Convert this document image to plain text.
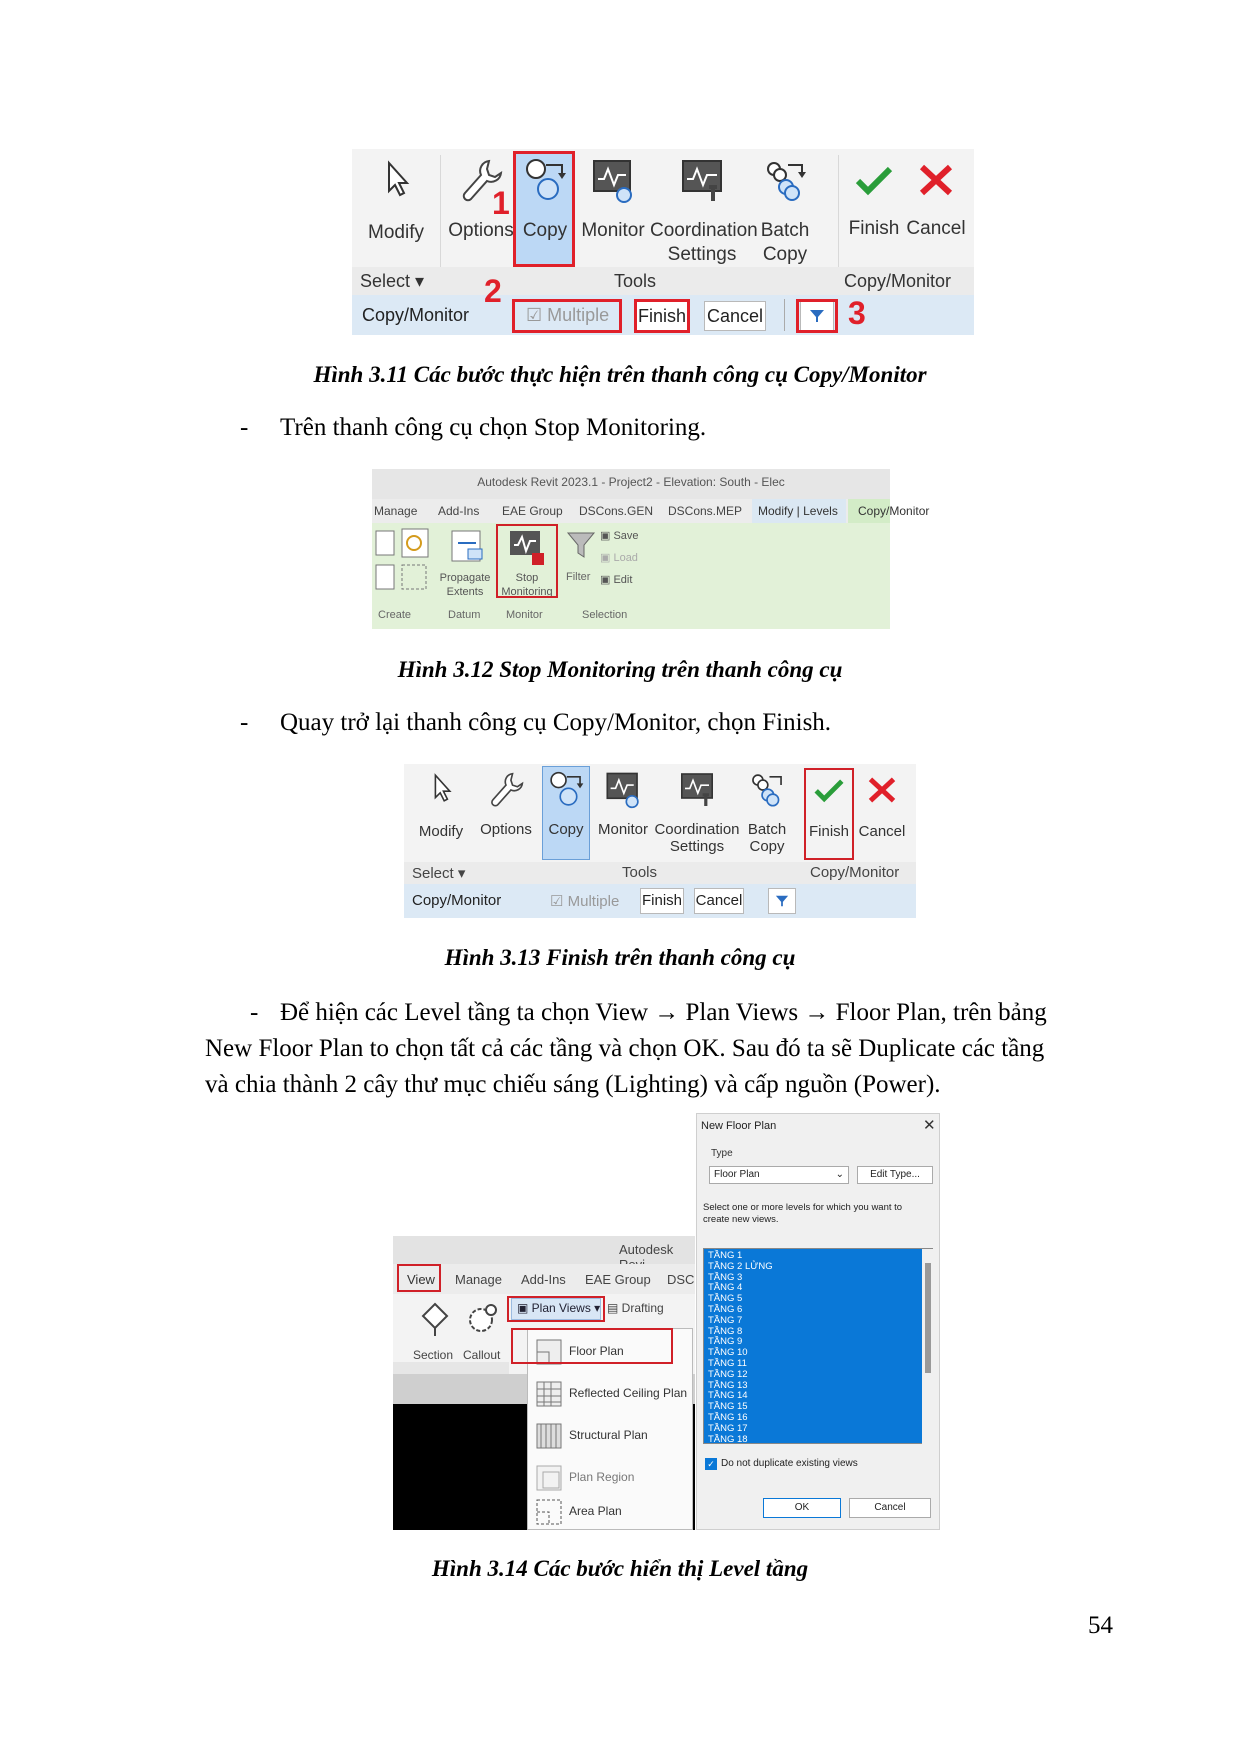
Modify	Options Copy
1
Monitor Coordination
Settings
Batch
Copy
Finish Cancel
Select ▾	Tools	Copy/Monitor
Copy/Monitor	☑ Multiple
2
Finish Cancel	3
Hình 3.11 Các bước thực hiện trên thanh công cụ Copy/Monitor
- Trên thanh công cụ chọn Stop Monitoring.
Autodesk Revit 2023.1 - Project2 - Elevation: South - Elec
Manage Add-Ins EAE Group DSCons.GEN DSCons.MEP Modify | Levels Copy/Monitor
Create
Propagate
Extents
Datum
Stop
Monitoring
Monitor
Filter
▣ Save
▣ Load
▣ Edit
Selection
Hình 3.12 Stop Monitoring trên thanh công cụ
- Quay trở lại thanh công cụ Copy/Monitor, chọn Finish.
Modify	Options	Copy Monitor Coordination
Settings
Batch
Copy
Finish Cancel
Select ▾	Tools	Copy/Monitor
Copy/Monitor	☑ Multiple Finish Cancel
Hình 3.13 Finish trên thanh công cụ
- Để hiện các Level tầng ta chọn View → Plan Views → Floor Plan, trên bảng
New Floor Plan to chọn tất cả các tầng và chọn OK. Sau đó ta sẽ Duplicate các tầng
và chia thành 2 cây thư mục chiếu sáng (Lighting) và cấp nguồn (Power).
Autodesk
View Manage Add-Ins EAE Group DSC
Section Callout
▣ Plan Views ▾ ▤ Drafting
Floor Plan
Reflected Ceiling Plan
Structural Plan
Plan Region
Area Plan
New Floor Plan	✕
Type
Floor Plan	⌄	Edit Type...
Select one or more levels for which you want to create new views.
TẦNG 1
TẦNG 2 LỬNG
TẦNG 3
TẦNG 4
TẦNG 5
TẦNG 6
TẦNG 7
TẦNG 8
TẦNG 9
TẦNG 10
TẦNG 11
TẦNG 12
TẦNG 13
TẦNG 14
TẦNG 15
TẦNG 16
TẦNG 17
TẦNG 18
✓ Do not duplicate existing views
OK	Cancel
Hình 3.14 Các bước hiển thị Level tầng
54
